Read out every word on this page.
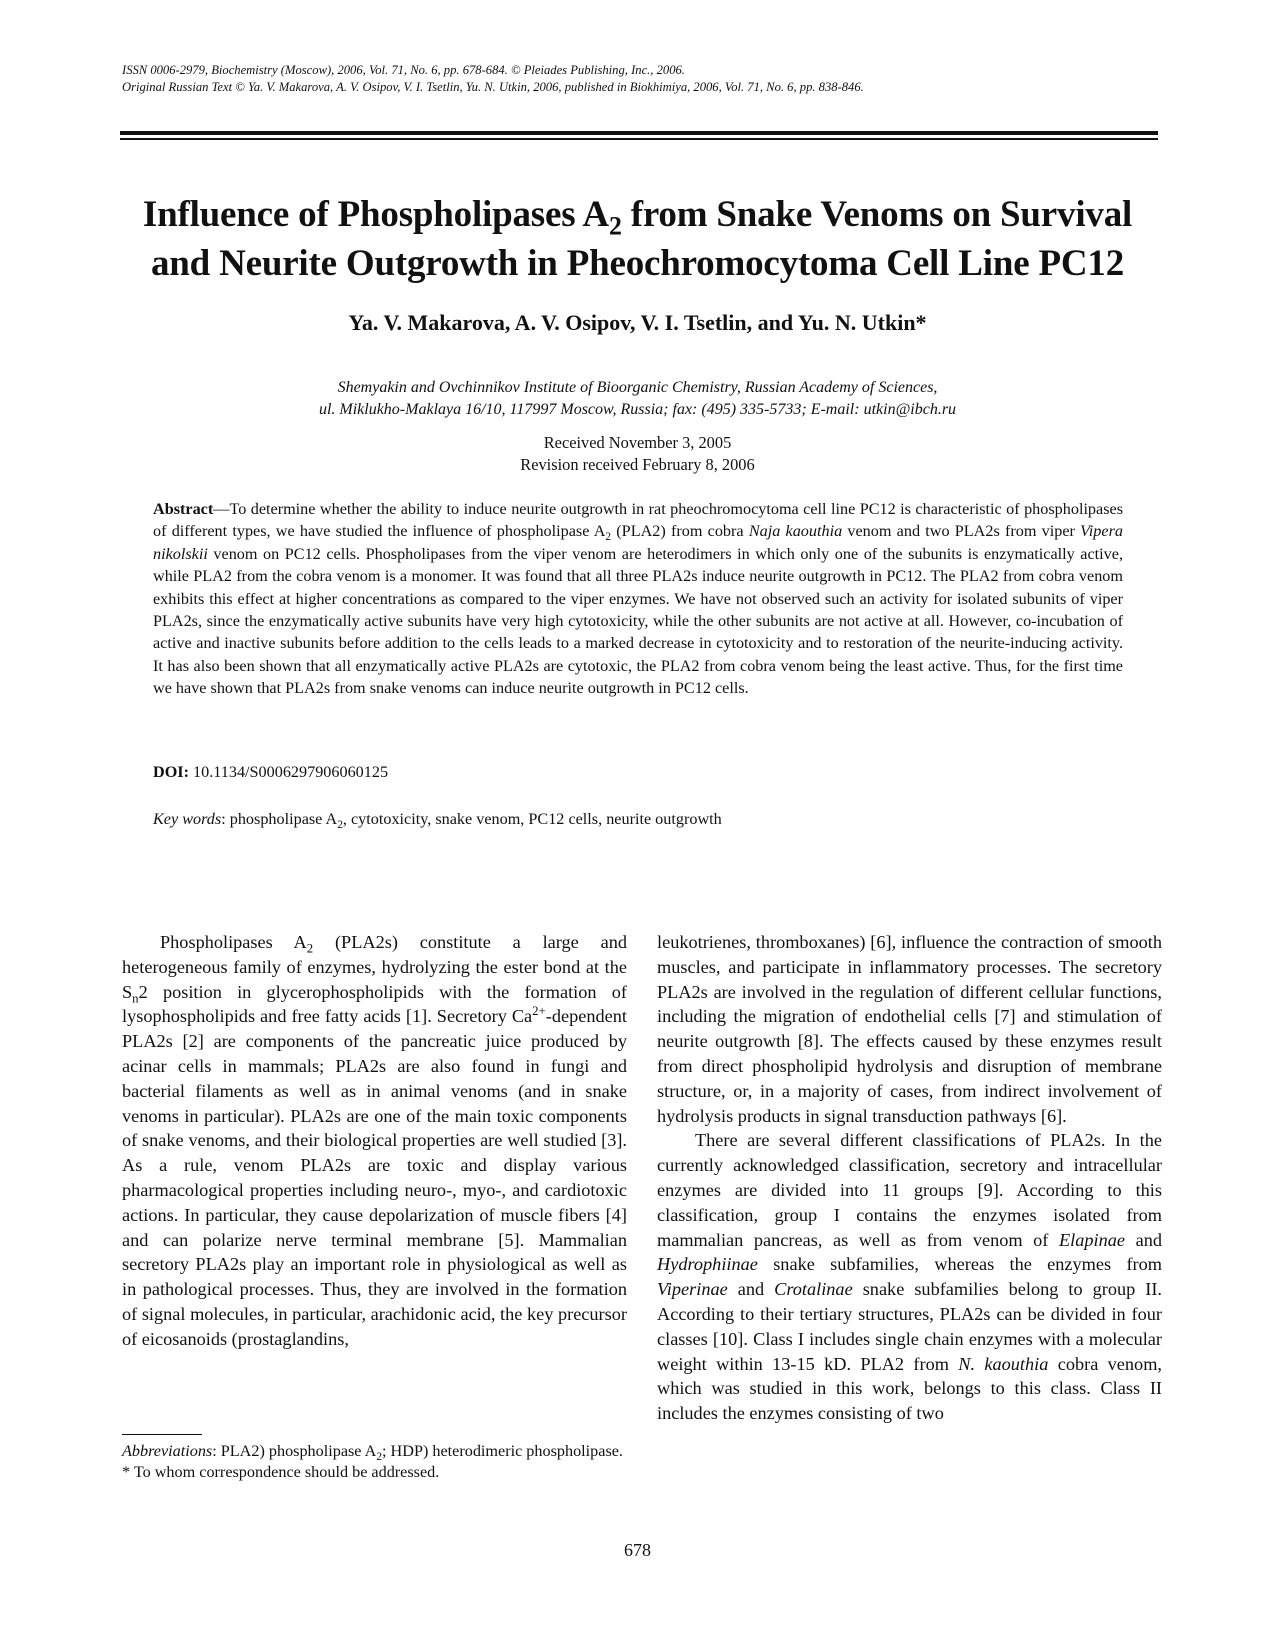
ISSN 0006-2979, Biochemistry (Moscow), 2006, Vol. 71, No. 6, pp. 678-684. © Pleiades Publishing, Inc., 2006.
Original Russian Text © Ya. V. Makarova, A. V. Osipov, V. I. Tsetlin, Yu. N. Utkin, 2006, published in Biokhimiya, 2006, Vol. 71, No. 6, pp. 838-846.
Influence of Phospholipases $A_2$ from Snake Venoms on Survival
and Neurite Outgrowth in Pheochromocytoma Cell Line PC12
Ya. V. Makarova, A. V. Osipov, V. I. Tsetlin, and Yu. N. Utkin*
Shemyakin and Ovchinnikov Institute of Bioorganic Chemistry, Russian Academy of Sciences,
ul. Miklukho-Maklaya 16/10, 117997 Moscow, Russia; fax: (495) 335-5733; E-mail: utkin@ibch.ru
Received November 3, 2005
Revision received February 8, 2006
Abstract—To determine whether the ability to induce neurite outgrowth in rat pheochromocytoma cell line PC12 is characteristic of phospholipases of different types, we have studied the influence of phospholipase $A_2$ (PLA2) from cobra Naja kaouthia venom and two PLA2s from viper Vipera nikolskii venom on PC12 cells. Phospholipases from the viper venom are heterodimers in which only one of the subunits is enzymatically active, while PLA2 from the cobra venom is a monomer. It was found that all three PLA2s induce neurite outgrowth in PC12. The PLA2 from cobra venom exhibits this effect at higher concentrations as compared to the viper enzymes. We have not observed such an activity for isolated subunits of viper PLA2s, since the enzymatically active subunits have very high cytotoxicity, while the other subunits are not active at all. However, co-incubation of active and inactive subunits before addition to the cells leads to a marked decrease in cytotoxicity and to restoration of the neurite-inducing activity. It has also been shown that all enzymatically active PLA2s are cytotoxic, the PLA2 from cobra venom being the least active. Thus, for the first time we have shown that PLA2s from snake venoms can induce neurite outgrowth in PC12 cells.
DOI: 10.1134/S0006297906060125
Key words: phospholipase $A_2$, cytotoxicity, snake venom, PC12 cells, neurite outgrowth

Phospholipases $A_2$ (PLA2s) constitute a large and heterogeneous family of enzymes, hydrolyzing the ester bond at the $S_n2$ position in glycerophospholipids with the formation of lysophospholipids and free fatty acids [1]. Secretory $Ca^{2+}$-dependent PLA2s [2] are components of the pancreatic juice produced by acinar cells in mammals; PLA2s are also found in fungi and bacterial filaments as well as in animal venoms (and in snake venoms in particular). PLA2s are one of the main toxic components of snake venoms, and their biological properties are well studied [3]. As a rule, venom PLA2s are toxic and display various pharmacological properties including neuro-, myo-, and cardiotoxic actions. In particular, they cause depolarization of muscle fibers [4] and can polarize nerve terminal membrane [5]. Mammalian secretory PLA2s play an important role in physiological as well as in pathological processes. Thus, they are involved in the formation of signal molecules, in particular, arachidonic acid, the key precursor of eicosanoids (prostaglandins,

leukotrienes, thromboxanes) [6], influence the contraction of smooth muscles, and participate in inflammatory processes. The secretory PLA2s are involved in the regulation of different cellular functions, including the migration of endothelial cells [7] and stimulation of neurite outgrowth [8]. The effects caused by these enzymes result from direct phospholipid hydrolysis and disruption of membrane structure, or, in a majority of cases, from indirect involvement of hydrolysis products in signal transduction pathways [6].

There are several different classifications of PLA2s. In the currently acknowledged classification, secretory and intracellular enzymes are divided into 11 groups [9]. According to this classification, group I contains the enzymes isolated from mammalian pancreas, as well as from venom of Elapinae and Hydrophiinae snake subfamilies, whereas the enzymes from Viperinae and Crotalinae snake subfamilies belong to group II. According to their tertiary structures, PLA2s can be divided in four classes [10]. Class I includes single chain enzymes with a molecular weight within 13-15 kD. PLA2 from N. kaouthia cobra venom, which was studied in this work, belongs to this class. Class II includes the enzymes consisting of two

Abbreviations: PLA2) phospholipase $A_2$; HDP) heterodimeric phospholipase.

* To whom correspondence should be addressed.

678
